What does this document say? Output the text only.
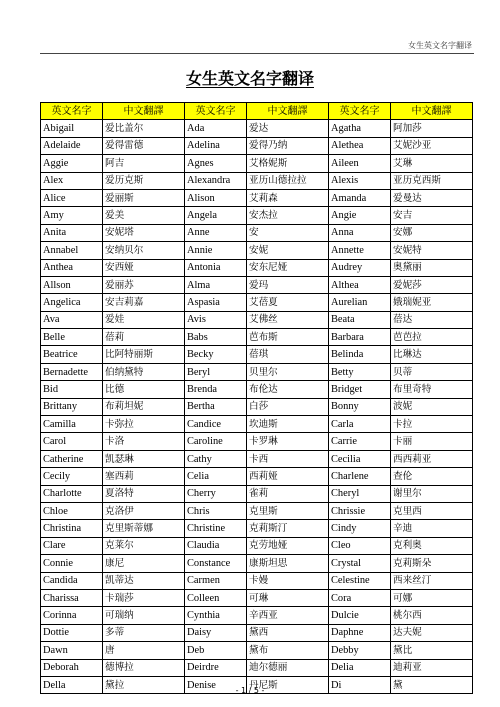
女生英文名字翻译
女生英文名字翻译
英文名字	中文翻譯	英文名字	中文翻譯	英文名字	中文翻譯
Abigail	爱比盖尔	Ada	爱达	Agatha	阿加莎
Adelaide	爱得雷德	Adelina	爱得乃纳	Alethea	艾妮沙亚
Aggie	阿吉	Agnes	艾格妮斯	Aileen	艾琳
Alex	爱历克斯	Alexandra	亚历山德拉拉	Alexis	亚历克西斯
Alice	爱丽斯	Alison	艾莉森	Amanda	爱曼达
Amy	爱美	Angela	安杰拉	Angie	安吉
Anita	安妮塔	Anne	安	Anna	安娜
Annabel	安纳贝尔	Annie	安妮	Annette	安妮特
Anthea	安西娅	Antonia	安东尼娅	Audrey	奥黛丽
Allson	爱丽苏	Alma	爱玛	Althea	爱妮莎
Angelica	安吉莉嘉	Aspasia	艾蓓夏	Aurelian	娥瑞妮亚
Ava	爱娃	Avis	艾佛丝	Beata	蓓达
Belle	蓓莉	Babs	芭布斯	Barbara	芭芭拉
Beatrice	比阿特丽斯	Becky	蓓琪	Belinda	比琳达
Bernadette	伯纳黛特	Beryl	贝里尔	Betty	贝蒂
Bid	比德	Brenda	布伦达	Bridget	布里奇特
Brittany	布莉坦妮	Bertha	白莎	Bonny	波妮
Camilla	卡弥拉	Candice	坎迪斯	Carla	卡拉
Carol	卡洛	Caroline	卡罗琳	Carrie	卡丽
Catherine	凯瑟琳	Cathy	卡西	Cecilia	西西莉亚
Cecily	塞西莉	Celia	西莉娅	Charlene	查伦
Charlotte	夏洛特	Cherry	雀莉	Cheryl	谢里尔
Chloe	克洛伊	Chris	克里斯	Chrissie	克里西
Christina	克里斯蒂娜	Christine	克莉斯汀	Cindy	辛迪
Clare	克莱尔	Claudia	克劳地娅	Cleo	克利奥
Connie	康尼	Constance	康斯坦思	Crystal	克莉斯朵
Candida	凯蒂达	Carmen	卡嫚	Celestine	西来丝汀
Charissa	卡瑞莎	Colleen	可琳	Cora	可娜
Corinna	可瑞纳	Cynthia	辛西亚	Dulcie	桃尔西
Dottie	多蒂	Daisy	黛西	Daphne	达夫妮
Dawn	唐	Deb	黛布	Debby	黛比
Deborah	德博拉	Deirdre	迪尔德丽	Delia	迪莉亚
Della	黛拉	Denise	丹尼斯	Di	黛
- 1 / 5 -
